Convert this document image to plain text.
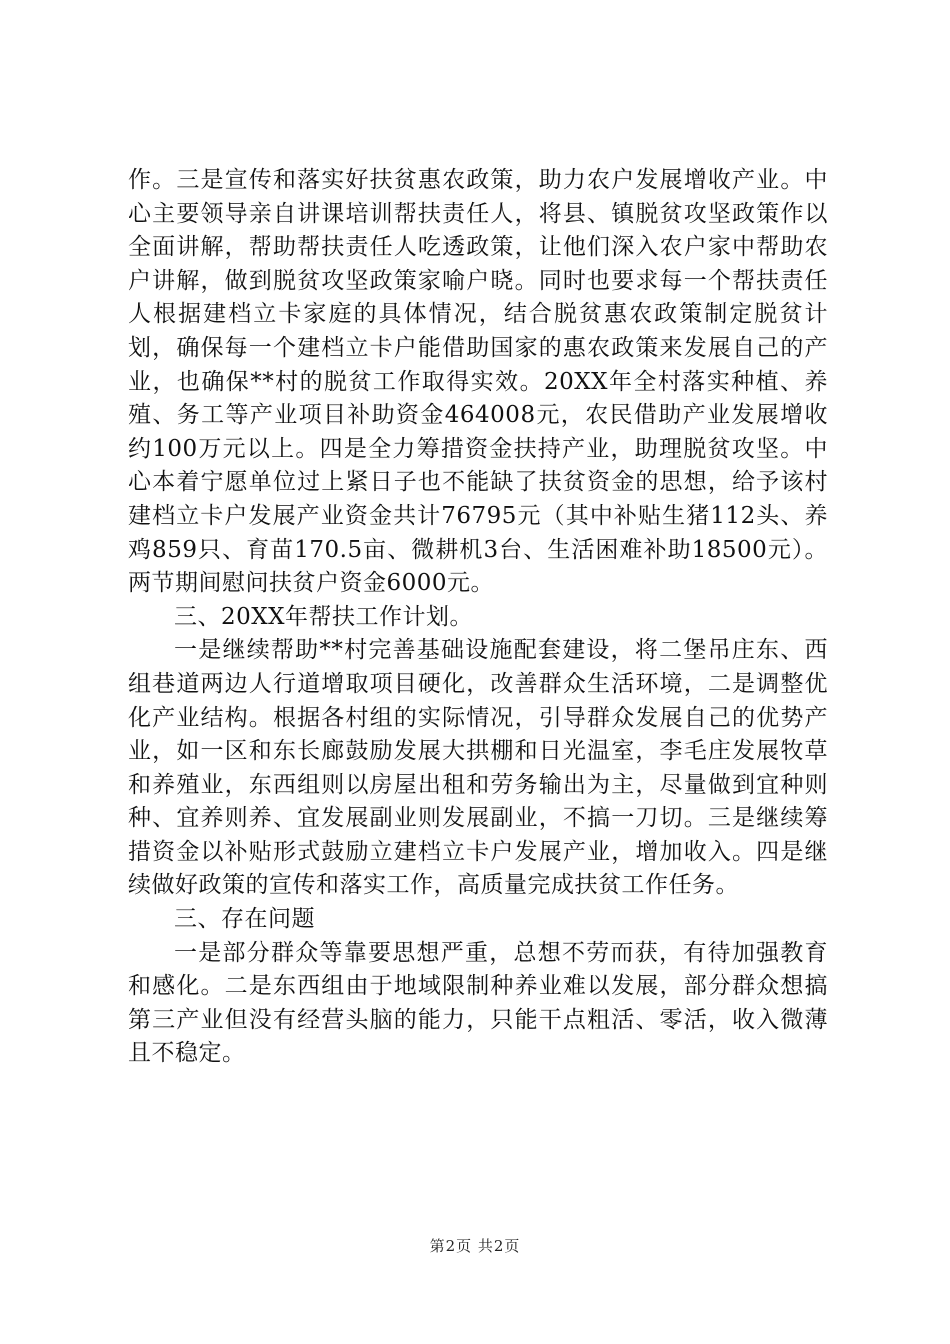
作。三是宣传和落实好扶贫惠农政策，助力农户发展增收产业。中心主要领导亲自讲课培训帮扶责任人，将县、镇脱贫攻坚政策作以全面讲解，帮助帮扶责任人吃透政策，让他们深入农户家中帮助农户讲解，做到脱贫攻坚政策家喻户晓。同时也要求每一个帮扶责任人根据建档立卡家庭的具体情况，结合脱贫惠农政策制定脱贫计划，确保每一个建档立卡户能借助国家的惠农政策来发展自己的产业，也确保**村的脱贫工作取得实效。20XX年全村落实种植、养殖、务工等产业项目补助资金464008元，农民借助产业发展增收约100万元以上。四是全力筹措资金扶持产业，助理脱贫攻坚。中心本着宁愿单位过上紧日子也不能缺了扶贫资金的思想，给予该村建档立卡户发展产业资金共计76795元（其中补贴生猪112头、养鸡859只、育苗170.5亩、微耕机3台、生活困难补助18500元）。两节期间慰问扶贫户资金6000元。

三、20XX年帮扶工作计划。

一是继续帮助**村完善基础设施配套建设，将二堡吊庄东、西组巷道两边人行道增取项目硬化，改善群众生活环境，二是调整优化产业结构。根据各村组的实际情况，引导群众发展自己的优势产业，如一区和东长廊鼓励发展大拱棚和日光温室，李毛庄发展牧草和养殖业，东西组则以房屋出租和劳务输出为主，尽量做到宜种则种、宜养则养、宜发展副业则发展副业，不搞一刀切。三是继续筹措资金以补贴形式鼓励立建档立卡户发展产业，增加收入。四是继续做好政策的宣传和落实工作，高质量完成扶贫工作任务。

三、存在问题

一是部分群众等靠要思想严重，总想不劳而获，有待加强教育和感化。二是东西组由于地域限制种养业难以发展，部分群众想搞第三产业但没有经营头脑的能力，只能干点粗活、零活，收入微薄且不稳定。

第2页 共2页
